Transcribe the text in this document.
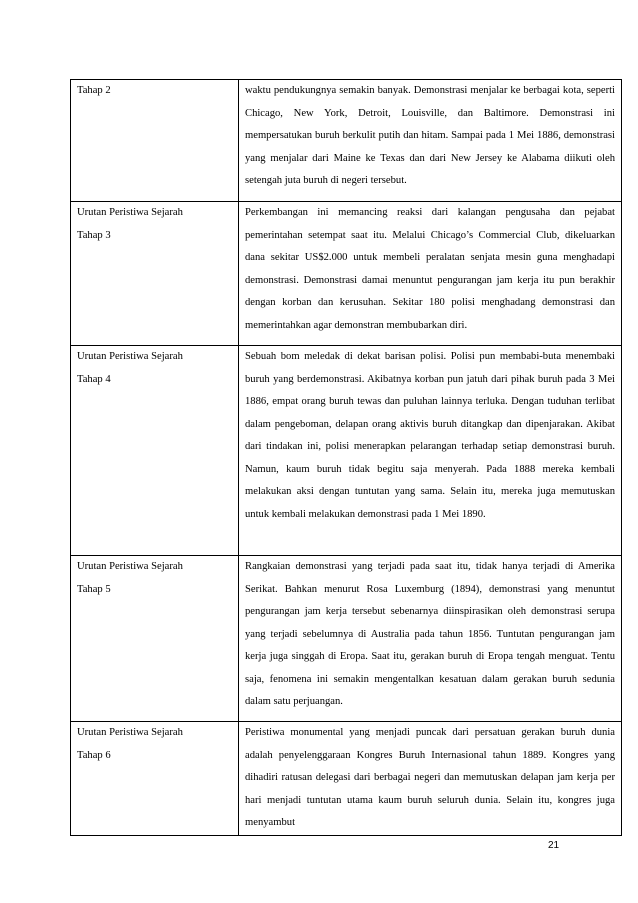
Tahap 2	waktu pendukungnya semakin banyak. Demonstrasi menjalar ke berbagai kota, seperti Chicago, New York, Detroit, Louisville, dan Baltimore. Demonstrasi ini mempersatukan buruh berkulit putih dan hitam. Sampai pada 1 Mei 1886, demonstrasi yang menjalar dari Maine ke Texas dan dari New Jersey ke Alabama diikuti oleh setengah juta buruh di negeri tersebut.

Urutan Peristiwa Sejarah
Tahap 3	Perkembangan ini memancing reaksi dari kalangan pengusaha dan pejabat pemerintahan setempat saat itu. Melalui Chicago’s Commercial Club, dikeluarkan dana sekitar US$2.000 untuk membeli peralatan senjata mesin guna menghadapi demonstrasi. Demonstrasi damai menuntut pengurangan jam kerja itu pun berakhir dengan korban dan kerusuhan. Sekitar 180 polisi menghadang demonstrasi dan memerintahkan agar demonstran membubarkan diri.

Urutan Peristiwa Sejarah
Tahap 4	Sebuah bom meledak di dekat barisan polisi. Polisi pun membabi-buta menembaki buruh yang berdemonstrasi. Akibatnya korban pun jatuh dari pihak buruh pada 3 Mei 1886, empat orang buruh tewas dan puluhan lainnya terluka. Dengan tuduhan terlibat dalam pengeboman, delapan orang aktivis buruh ditangkap dan dipenjarakan. Akibat dari tindakan ini, polisi menerapkan pelarangan terhadap setiap demonstrasi buruh. Namun, kaum buruh tidak begitu saja menyerah. Pada 1888 mereka kembali melakukan aksi dengan tuntutan yang sama. Selain itu, mereka juga memutuskan untuk kembali melakukan demonstrasi pada 1 Mei 1890.

Urutan Peristiwa Sejarah
Tahap 5	Rangkaian demonstrasi yang terjadi pada saat itu, tidak hanya terjadi di Amerika Serikat. Bahkan menurut Rosa Luxemburg (1894), demonstrasi yang menuntut pengurangan jam kerja tersebut sebenarnya diinspirasikan oleh demonstrasi serupa yang terjadi sebelumnya di Australia pada tahun 1856. Tuntutan pengurangan jam kerja juga singgah di Eropa. Saat itu, gerakan buruh di Eropa tengah menguat. Tentu saja, fenomena ini semakin mengentalkan kesatuan dalam gerakan buruh sedunia dalam satu perjuangan.

Urutan Peristiwa Sejarah
Tahap 6	Peristiwa monumental yang menjadi puncak dari persatuan gerakan buruh dunia adalah penyelenggaraan Kongres Buruh Internasional tahun 1889. Kongres yang dihadiri ratusan delegasi dari berbagai negeri dan memutuskan delapan jam kerja per hari menjadi tuntutan utama kaum buruh seluruh dunia. Selain itu, kongres juga menyambut
21
